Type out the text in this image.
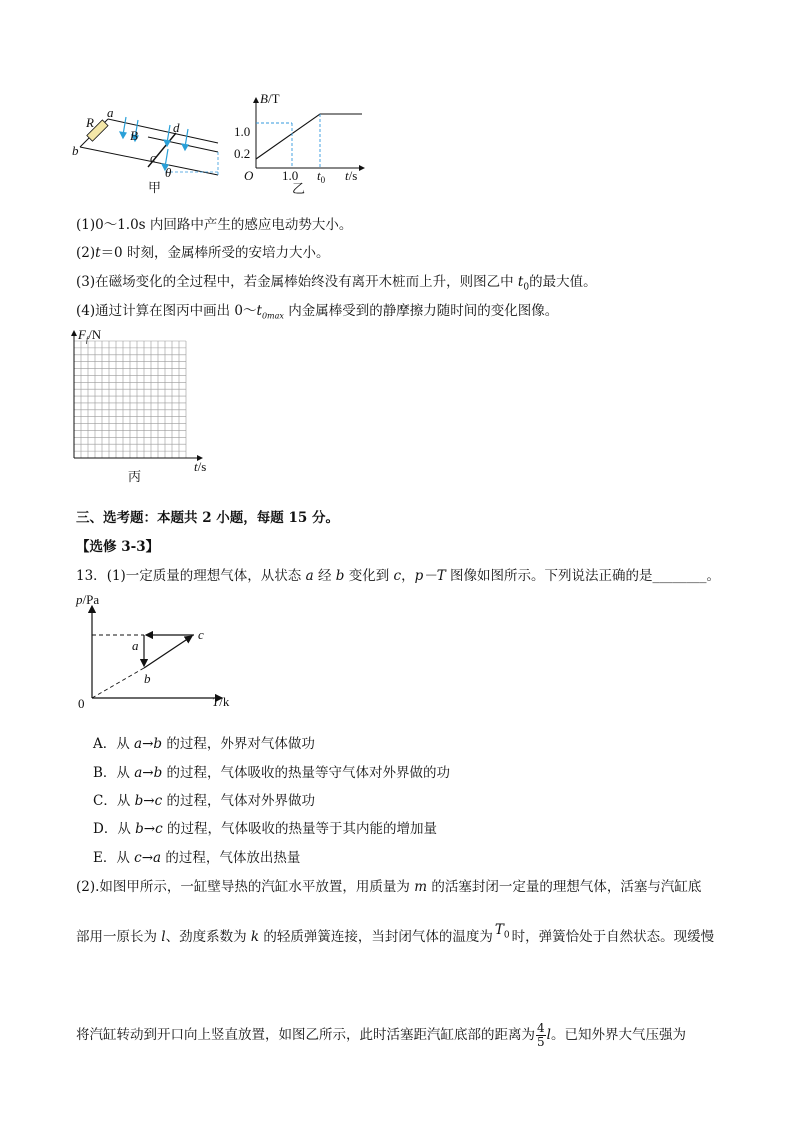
R
a
b
B
d
c
θ
甲
B/T
1.0
0.2
O 1.0 $t_0$ t/s
乙
(1)0～1.0s 内回路中产生的感应电动势大小。
(2)t＝0 时刻，金属棒所受的安培力大小。
(3)在磁场变化的全过程中，若金属棒始终没有离开木桩而上升，则图乙中 $t_0$的最大值。
(4)通过计算在图丙中画出 $0\sim t_{0max}$ 内金属棒受到的静摩擦力随时间的变化图像。
$F_f/N$
t/s
丙
三、选考题：本题共 2 小题，每题 15 分。
【选修 3-3】
13．(1)一定质量的理想气体，从状态 a 经 b 变化到 c，p－T 图像如图所示。下列说法正确的是________。
p/Pa
T/k
0
a
b
c
A．从 a→b 的过程，外界对气体做功
B．从 a→b 的过程，气体吸收的热量等守气体对外界做的功
C．从 b→c 的过程，气体对外界做功
D．从 b→c 的过程，气体吸收的热量等于其内能的增加量
E．从 c→a 的过程，气体放出热量
(2).如图甲所示，一缸壁导热的汽缸水平放置，用质量为 m 的活塞封闭一定量的理想气体，活塞与汽缸底
部用一原长为 l、劲度系数为 k 的轻质弹簧连接，当封闭气体的温度为 $T_0$ 时，弹簧恰处于自然状态。现缓慢
将汽缸转动到开口向上竖直放置，如图乙所示，此时活塞距汽缸底部的距离为 $\frac{4}{5}$ l。已知外界大气压强为
